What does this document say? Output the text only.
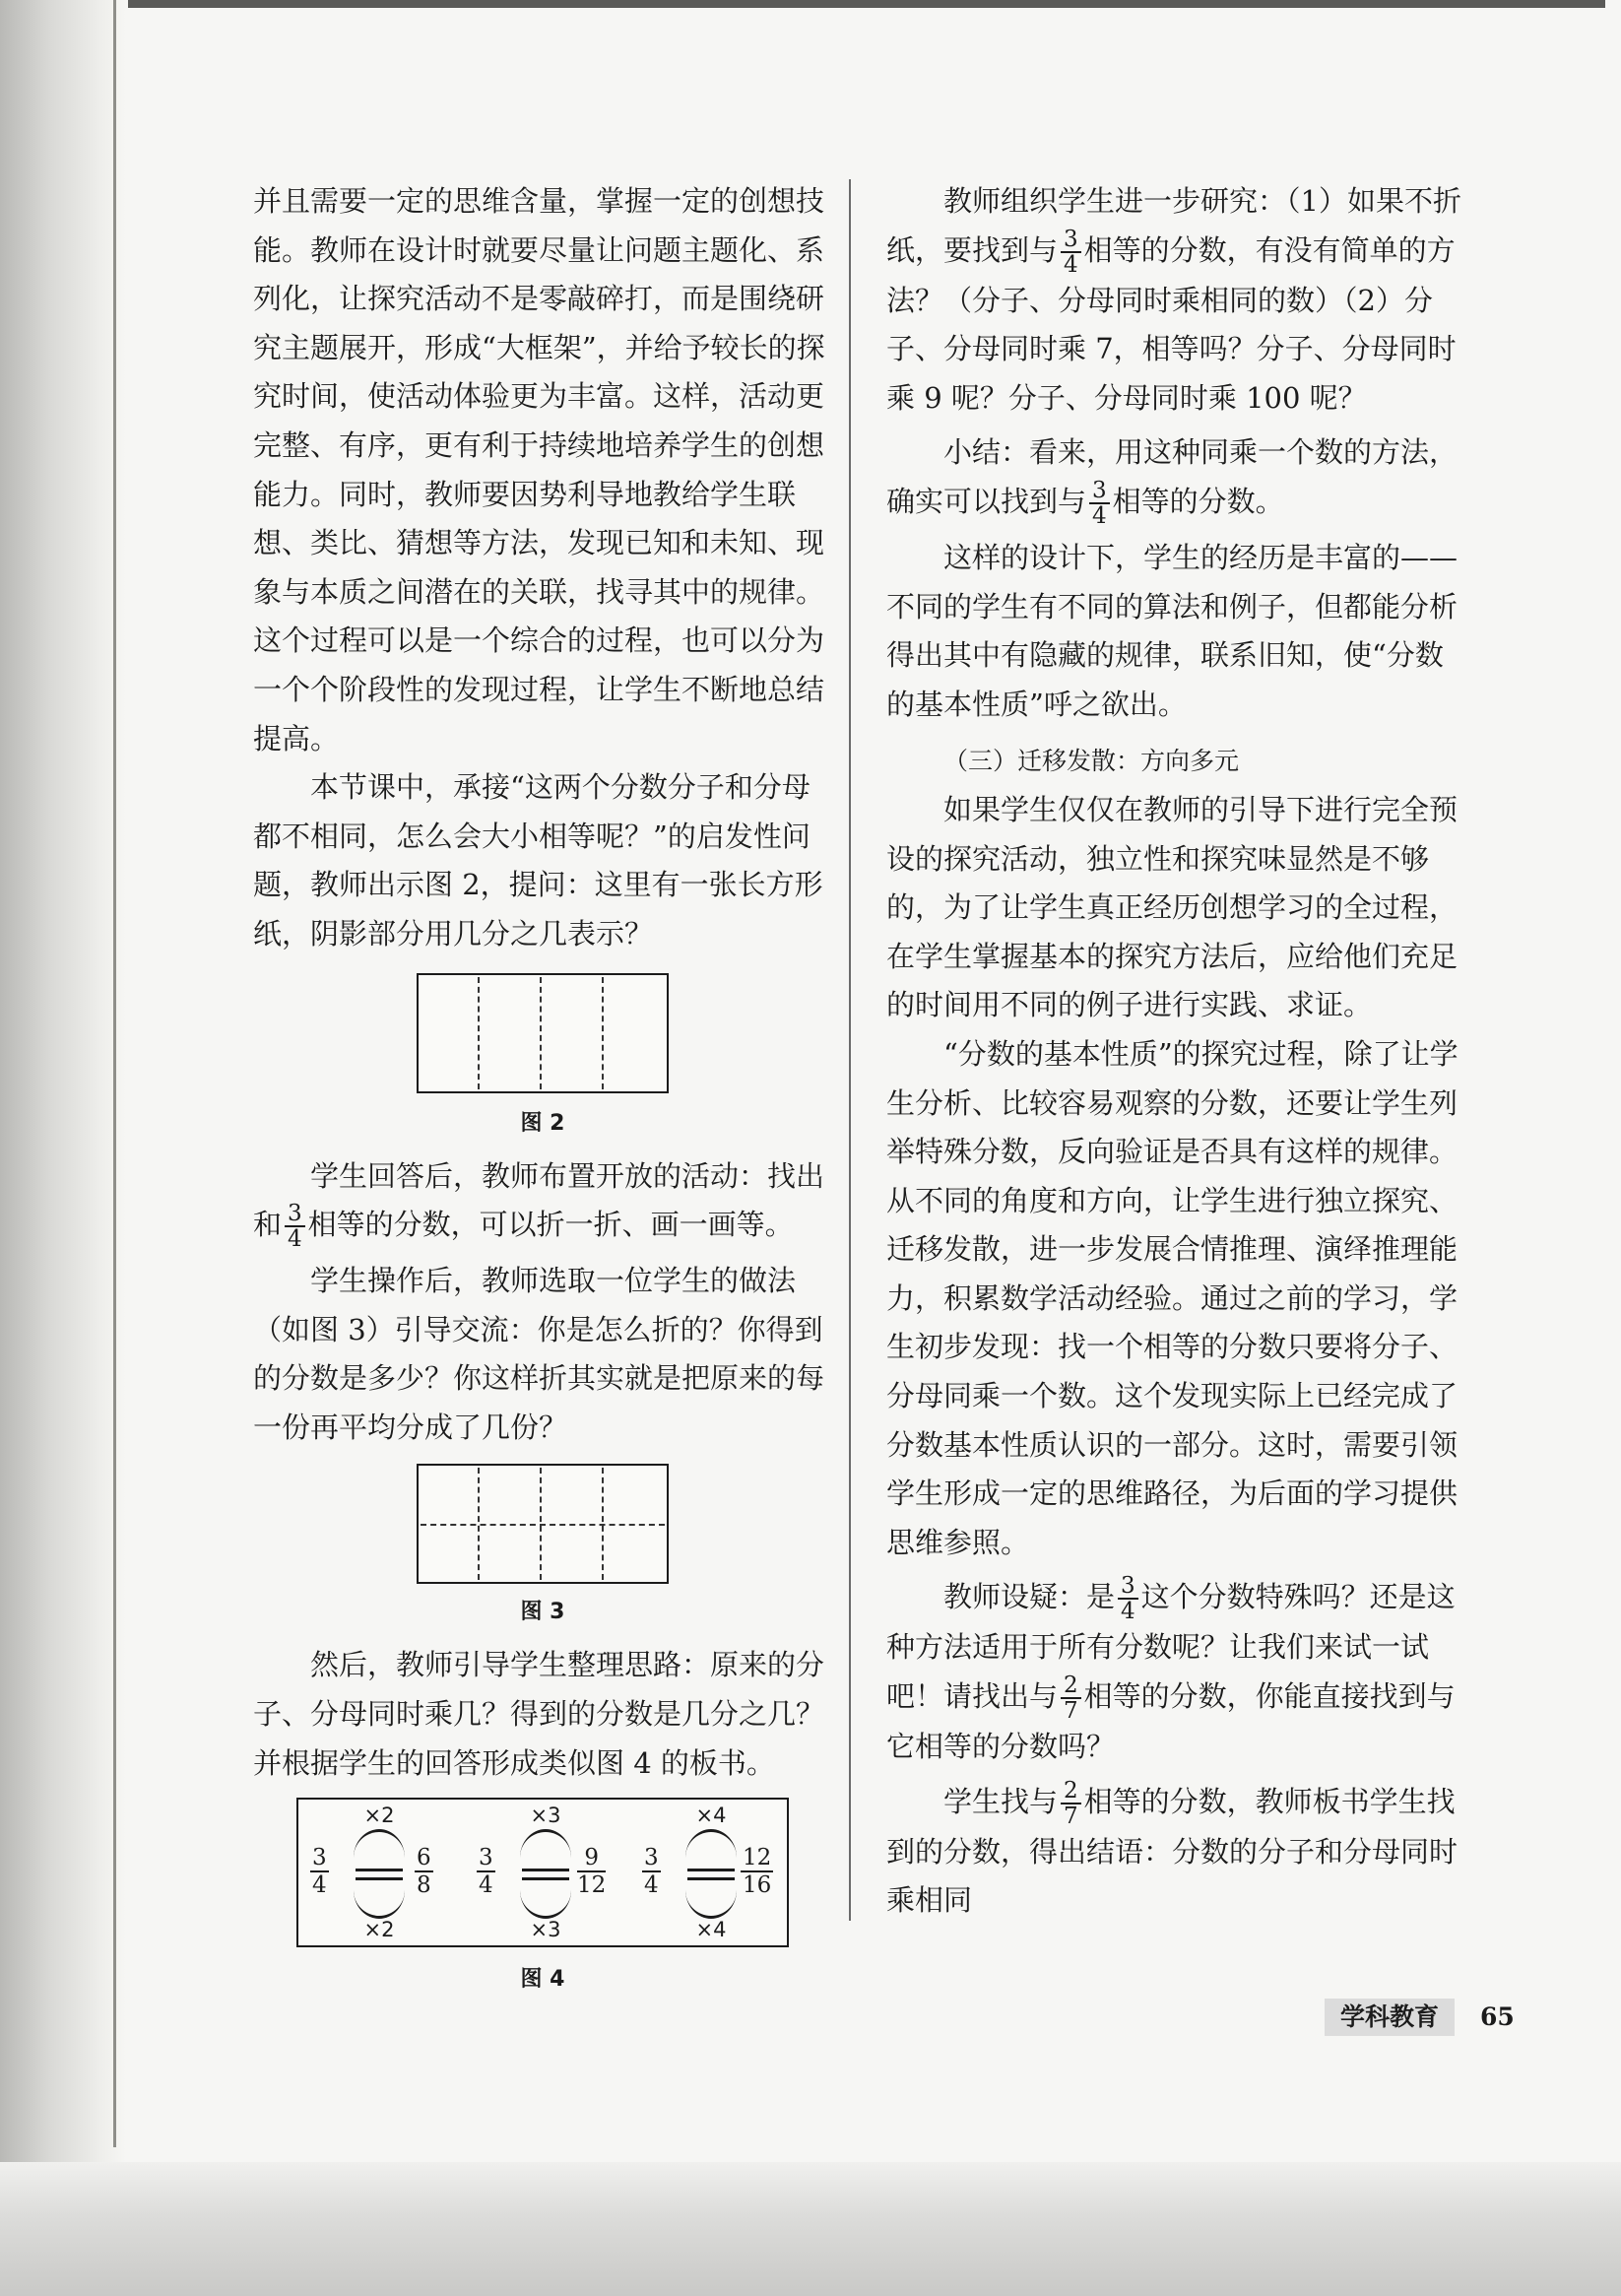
并且需要一定的思维含量，掌握一定的创想技能。教师在设计时就要尽量让问题主题化、系列化，让探究活动不是零敲碎打，而是围绕研究主题展开，形成“大框架”，并给予较长的探究时间，使活动体验更为丰富。这样，活动更完整、有序，更有利于持续地培养学生的创想能力。同时，教师要因势利导地教给学生联想、类比、猜想等方法，发现已知和未知、现象与本质之间潜在的关联，找寻其中的规律。这个过程可以是一个综合的过程，也可以分为一个个阶段性的发现过程，让学生不断地总结提高。

本节课中，承接“这两个分数分子和分母都不相同，怎么会大小相等呢？”的启发性问题，教师出示图 2，提问：这里有一张长方形纸，阴影部分用几分之几表示？

图 2

学生回答后，教师布置开放的活动：找出和 $\frac{3}{4}$ 相等的分数，可以折一折、画一画等。

学生操作后，教师选取一位学生的做法（如图 3）引导交流：你是怎么折的？你得到的分数是多少？你这样折其实就是把原来的每一份再平均分成了几份？

图 3

然后，教师引导学生整理思路：原来的分子、分母同时乘几？得到的分数是几分之几？并根据学生的回答形成类似图 4 的板书。

×2
$\frac{3}{4}$	$\frac{6}{8}$
×2
×3
$\frac{3}{4}$	$\frac{9}{12}$
×3
×4
$\frac{3}{4}$	$\frac{12}{16}$
×4

图 4

教师组织学生进一步研究：（1）如果不折纸，要找到与 $\frac{3}{4}$ 相等的分数，有没有简单的方法？（分子、分母同时乘相同的数）（2）分子、分母同时乘 7，相等吗？分子、分母同时乘 9 呢？分子、分母同时乘 100 呢？

小结：看来，用这种同乘一个数的方法，确实可以找到与 $\frac{3}{4}$ 相等的分数。

这样的设计下，学生的经历是丰富的——不同的学生有不同的算法和例子，但都能分析得出其中有隐藏的规律，联系旧知，使“分数的基本性质”呼之欲出。

（三）迁移发散：方向多元

如果学生仅仅在教师的引导下进行完全预设的探究活动，独立性和探究味显然是不够的，为了让学生真正经历创想学习的全过程，在学生掌握基本的探究方法后，应给他们充足的时间用不同的例子进行实践、求证。

“分数的基本性质”的探究过程，除了让学生分析、比较容易观察的分数，还要让学生列举特殊分数，反向验证是否具有这样的规律。从不同的角度和方向，让学生进行独立探究、迁移发散，进一步发展合情推理、演绎推理能力，积累数学活动经验。通过之前的学习，学生初步发现：找一个相等的分数只要将分子、分母同乘一个数。这个发现实际上已经完成了分数基本性质认识的一部分。这时，需要引领学生形成一定的思维路径，为后面的学习提供思维参照。

教师设疑：是 $\frac{3}{4}$ 这个分数特殊吗？还是这种方法适用于所有分数呢？让我们来试一试吧！请找出与 $\frac{2}{7}$ 相等的分数，你能直接找到与它相等的分数吗？

学生找与 $\frac{2}{7}$ 相等的分数，教师板书学生找到的分数，得出结语：分数的分子和分母同时乘相同

学科教育	65
